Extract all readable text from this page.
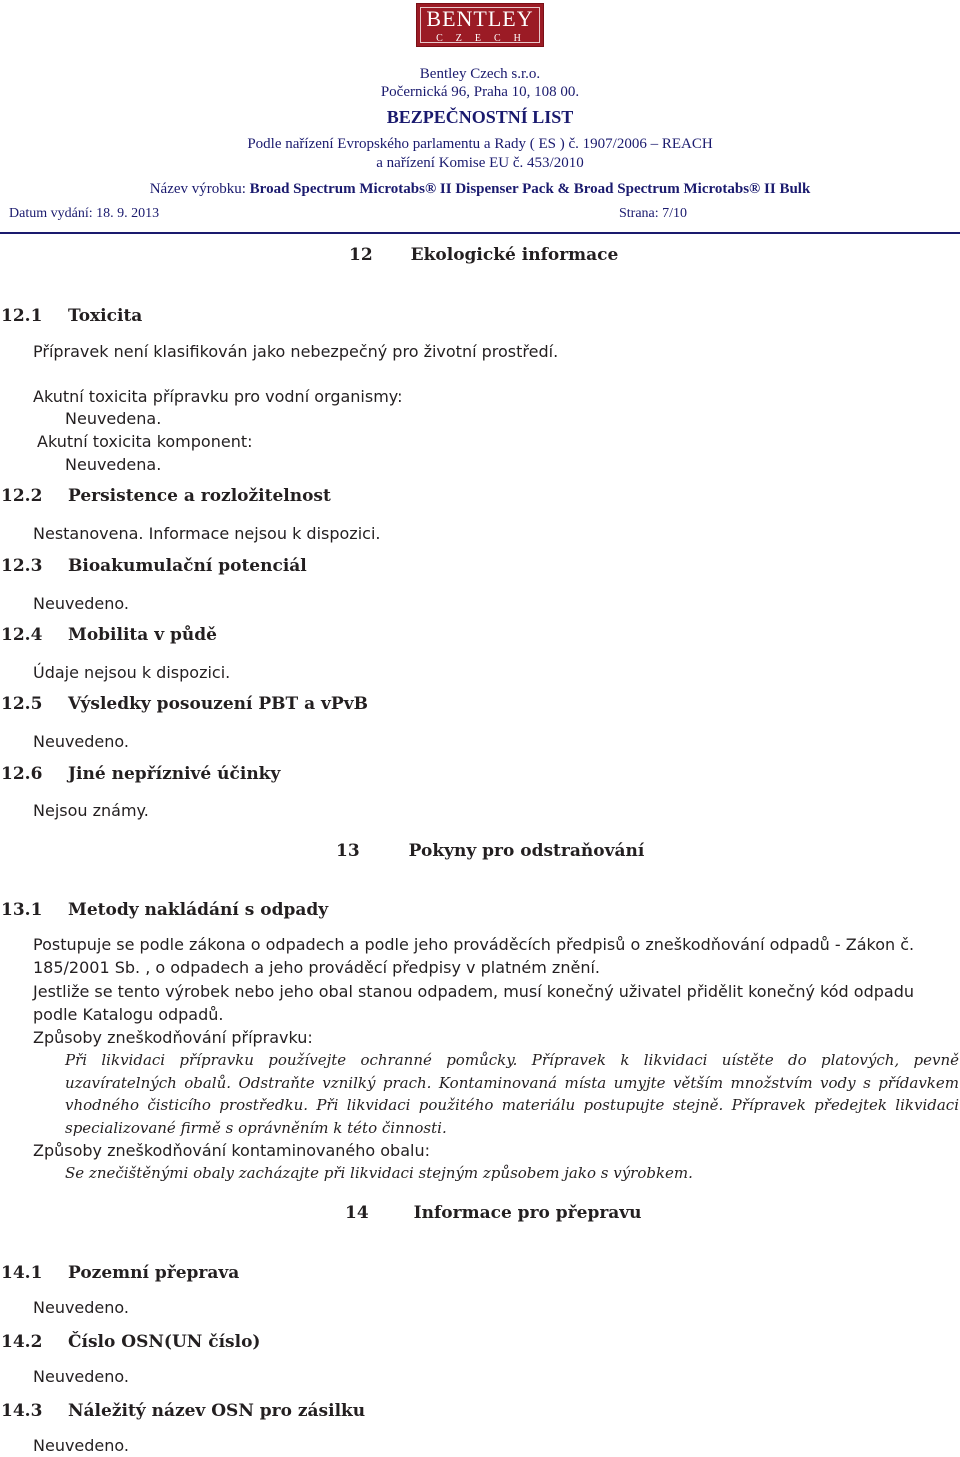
BENTLEY
CZECH
Bentley Czech s.r.o.
Počernická 96, Praha 10, 108 00.
BEZPEČNOSTNÍ LIST
Podle nařízení Evropského parlamentu a Rady ( ES ) č. 1907/2006 – REACH
a nařízení Komise EU č. 453/2010
Název výrobku: Broad Spectrum Microtabs® II Dispenser Pack & Broad Spectrum Microtabs® II Bulk
Datum vydání: 18. 9. 2013	Strana: 7/10
12 Ekologické informace
12.1 Toxicita
Přípravek není klasifikován jako nebezpečný pro životní prostředí.
Akutní toxicita přípravku pro vodní organismy:
Neuvedena.
Akutní toxicita komponent:
Neuvedena.
12.2 Persistence a rozložitelnost
Nestanovena. Informace nejsou k dispozici.
12.3 Bioakumulační potenciál
Neuvedeno.
12.4 Mobilita v půdě
Údaje nejsou k dispozici.
12.5 Výsledky posouzení PBT a vPvB
Neuvedeno.
12.6 Jiné nepříznivé účinky
Nejsou známy.
13	Pokyny pro odstraňování
13.1 Metody nakládání s odpady
Postupuje se podle zákona o odpadech a podle jeho prováděcích předpisů o zneškodňování odpadů - Zákon č. 185/2001 Sb. , o odpadech a jeho prováděcí předpisy v platném znění.
Jestliže se tento výrobek nebo jeho obal stanou odpadem, musí konečný uživatel přidělit konečný kód odpadu podle Katalogu odpadů.
Způsoby zneškodňování přípravku:
Při likvidaci přípravku používejte ochranné pomůcky. Přípravek k likvidaci uístěte do platových, pevně uzavíratelných obalů. Odstraňte vznilký prach. Kontaminovaná místa umyjte větším množstvím vody s přídavkem vhodného čisticího prostředku. Při likvidaci použitého materiálu postupujte stejně. Přípravek předejtek likvidaci specializované firmě s oprávněním k této činnosti.
Způsoby zneškodňování kontaminovaného obalu:
Se znečištěnými obaly zacházajte při likvidaci stejným způsobem jako s výrobkem.
14	Informace pro přepravu
14.1 Pozemní přeprava
Neuvedeno.
14.2 Číslo OSN(UN číslo)
Neuvedeno.
14.3 Náležitý název OSN pro zásilku
Neuvedeno.
